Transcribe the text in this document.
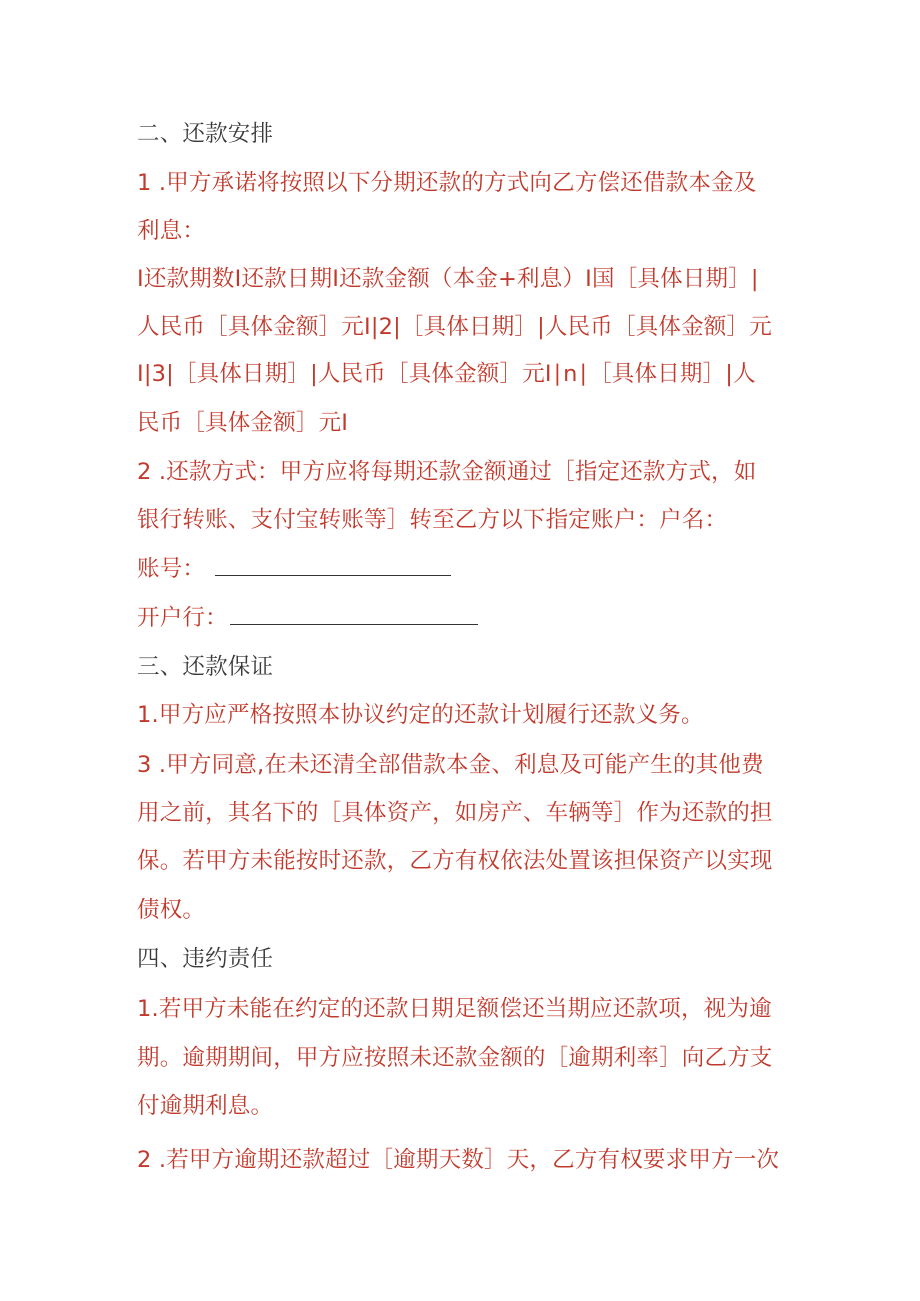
二、还款安排
1 .甲方承诺将按照以下分期还款的方式向乙方偿还借款本金及
利息：
I还款期数I还款日期I还款金额（本金+利息）I国［具体日期］|
人民币［具体金额］元I|2|［具体日期］|人民币［具体金额］元
I|3|［具体日期］|人民币［具体金额］元I∣n∣［具体日期］|人
民币［具体金额］元I
2 .还款方式：甲方应将每期还款金额通过［指定还款方式，如
银行转账、支付宝转账等］转至乙方以下指定账户：户名：
账号：
开户行：
三、还款保证
1.甲方应严格按照本协议约定的还款计划履行还款义务。
3 .甲方同意,在未还清全部借款本金、利息及可能产生的其他费
用之前，其名下的［具体资产，如房产、车辆等］作为还款的担
保。若甲方未能按时还款，乙方有权依法处置该担保资产以实现
债权。
四、违约责任
1.若甲方未能在约定的还款日期足额偿还当期应还款项，视为逾
期。逾期期间，甲方应按照未还款金额的［逾期利率］向乙方支
付逾期利息。
2 .若甲方逾期还款超过［逾期天数］天，乙方有权要求甲方一次
